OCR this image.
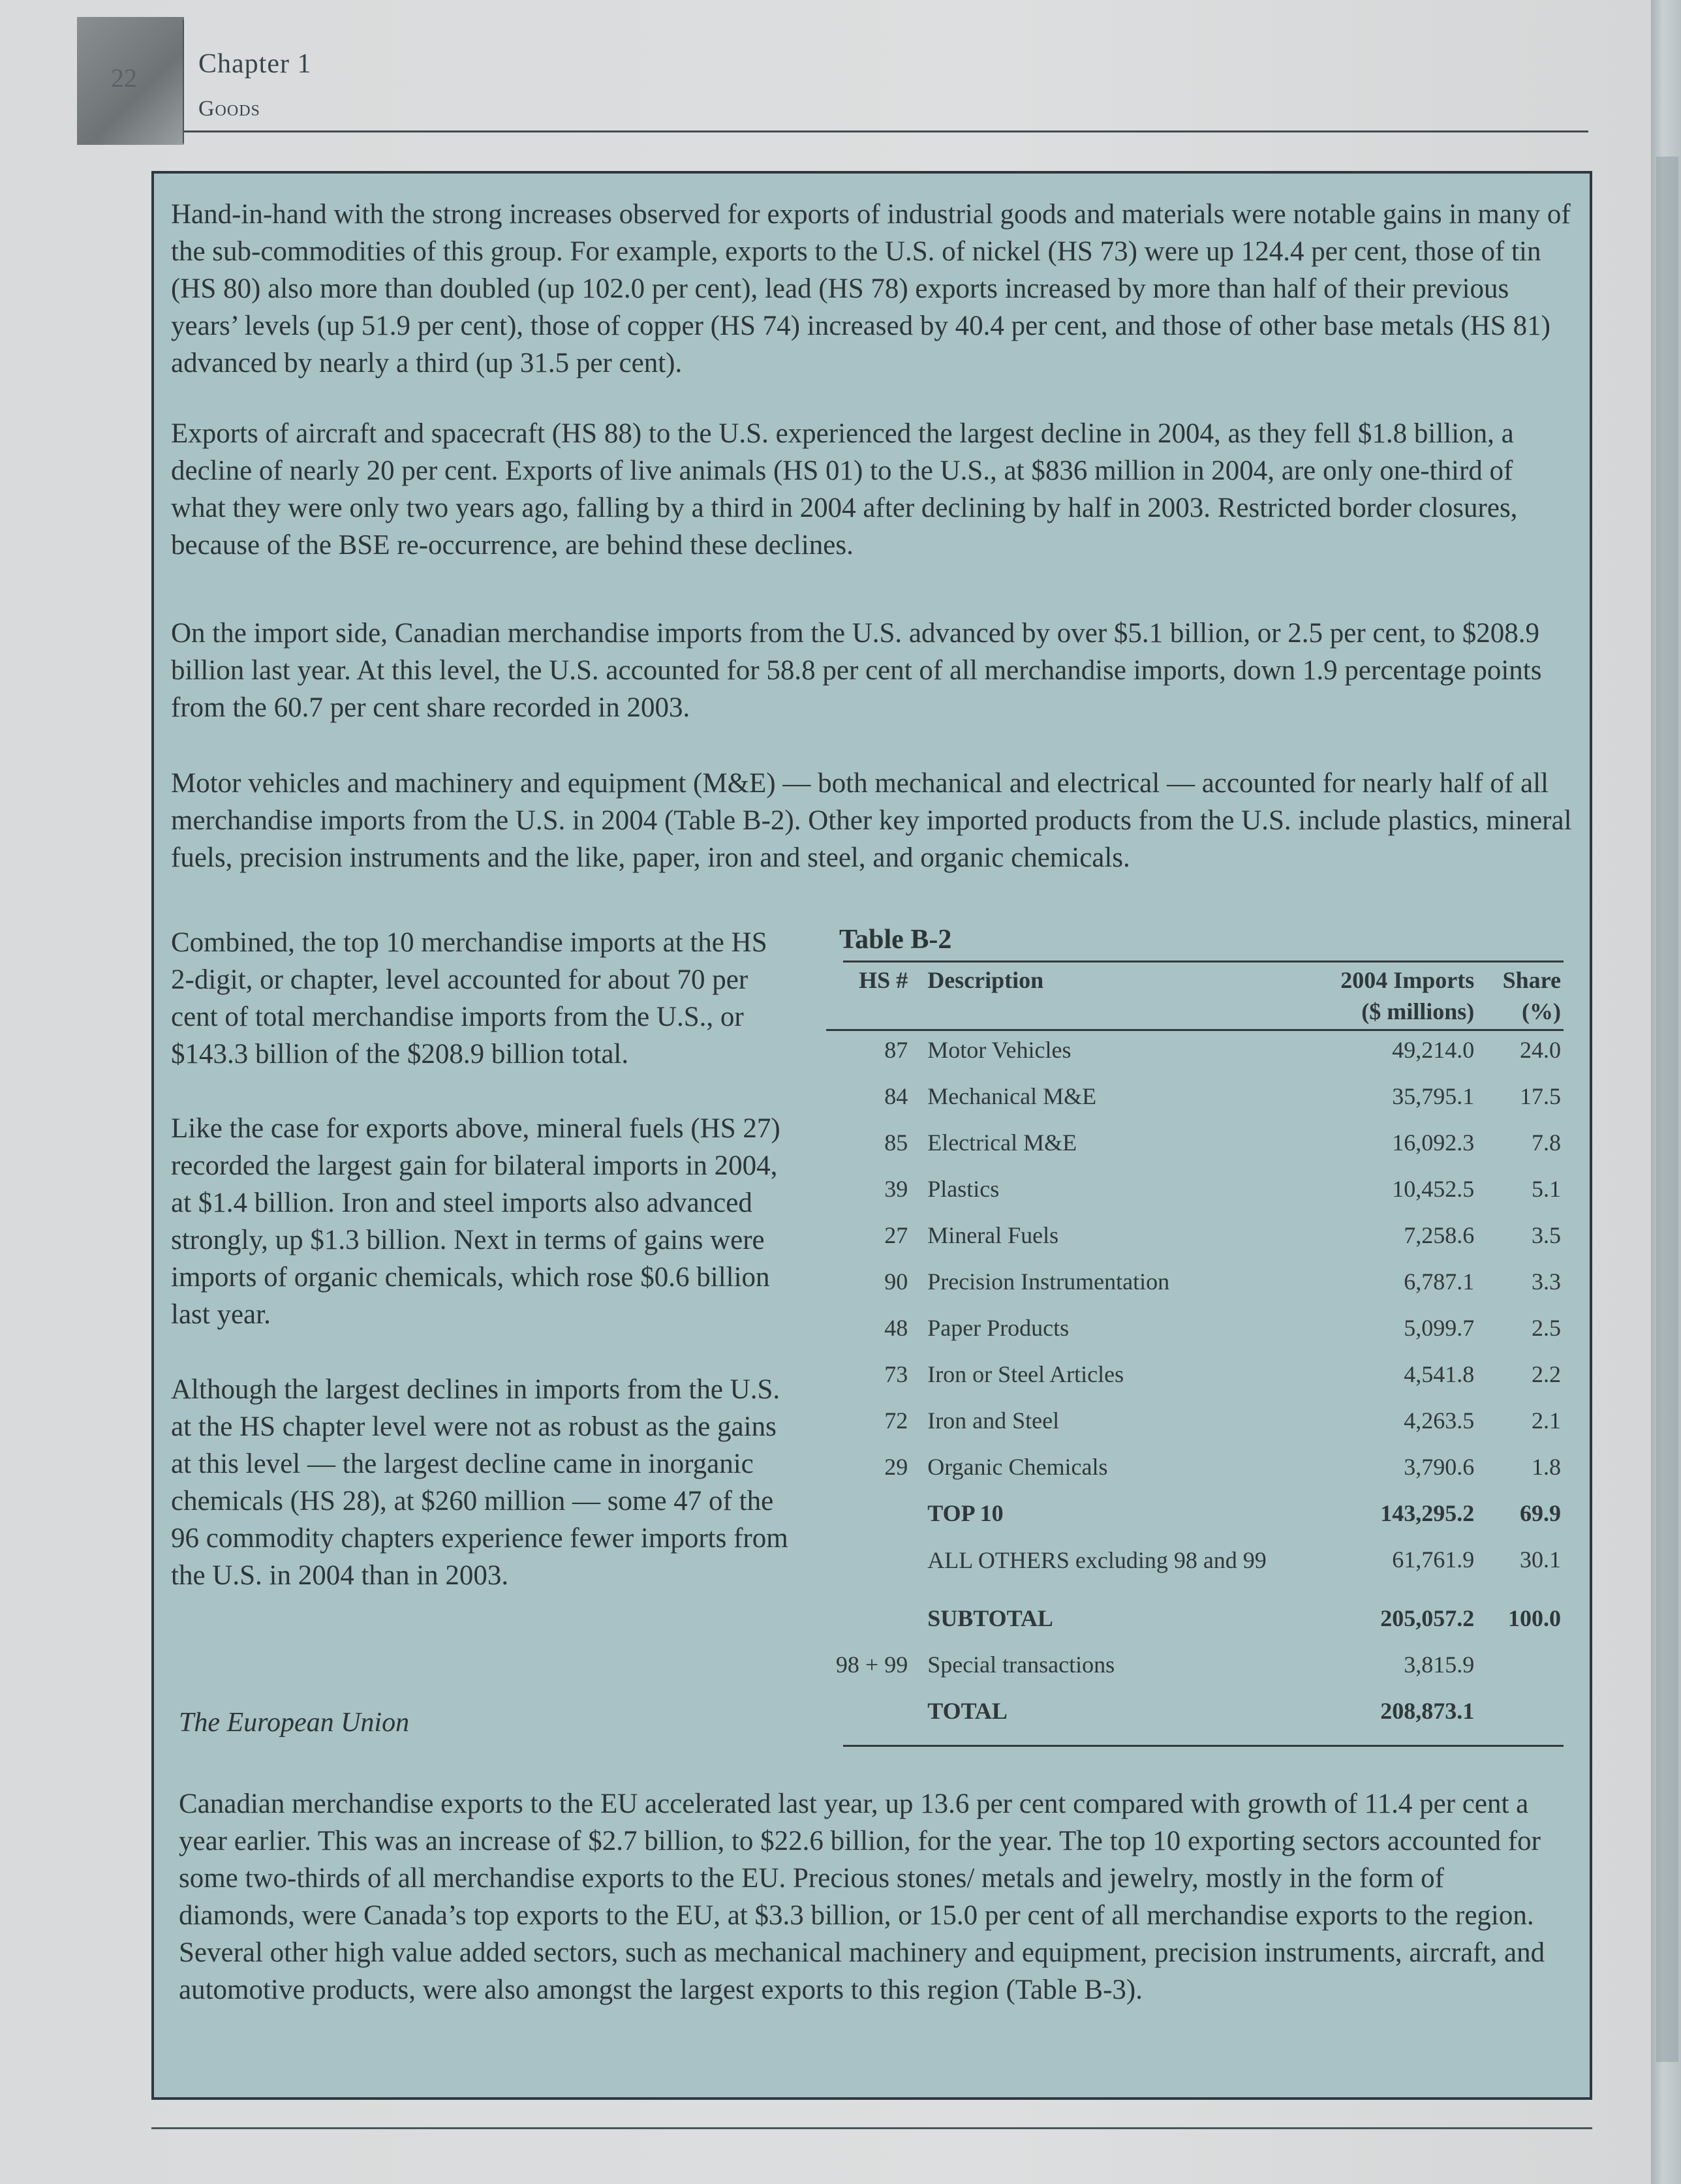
22 Chapter 1
Goods

Hand-in-hand with the strong increases observed for exports of industrial goods and materials were notable gains in many of the sub-commodities of this group. For example, exports to the U.S. of nickel (HS 73) were up 124.4 per cent, those of tin (HS 80) also more than doubled (up 102.0 per cent), lead (HS 78) exports increased by more than half of their previous years’ levels (up 51.9 per cent), those of copper (HS 74) increased by 40.4 per cent, and those of other base metals (HS 81) advanced by nearly a third (up 31.5 per cent).

Exports of aircraft and spacecraft (HS 88) to the U.S. experienced the largest decline in 2004, as they fell $1.8 billion, a decline of nearly 20 per cent. Exports of live animals (HS 01) to the U.S., at $836 million in 2004, are only one-third of what they were only two years ago, falling by a third in 2004 after declining by half in 2003. Restricted border closures, because of the BSE re-occurrence, are behind these declines.

On the import side, Canadian merchandise imports from the U.S. advanced by over $5.1 billion, or 2.5 per cent, to $208.9 billion last year. At this level, the U.S. accounted for 58.8 per cent of all merchandise imports, down 1.9 percentage points from the 60.7 per cent share recorded in 2003.

Motor vehicles and machinery and equipment (M&E) — both mechanical and electrical — accounted for nearly half of all merchandise imports from the U.S. in 2004 (Table B-2). Other key imported products from the U.S. include plastics, mineral fuels, precision instruments and the like, paper, iron and steel, and organic chemicals.

Combined, the top 10 merchandise imports at the HS 2-digit, or chapter, level accounted for about 70 per cent of total merchandise imports from the U.S., or $143.3 billion of the $208.9 billion total.

Like the case for exports above, mineral fuels (HS 27) recorded the largest gain for bilateral imports in 2004, at $1.4 billion. Iron and steel imports also advanced strongly, up $1.3 billion. Next in terms of gains were imports of organic chemicals, which rose $0.6 billion last year.

Although the largest declines in imports from the U.S. at the HS chapter level were not as robust as the gains at this level — the largest decline came in inorganic chemicals (HS 28), at $260 million — some 47 of the 96 commodity chapters experience fewer imports from the U.S. in 2004 than in 2003.

Table B-2
HS #	Description	2004 Imports	Share
		($ millions)	(%)

87	Motor Vehicles	49,214.0	24.0
84	Mechanical M&E	35,795.1	17.5
85	Electrical M&E	16,092.3	7.8
39	Plastics	10,452.5	5.1
27	Mineral Fuels	7,258.6	3.5
90	Precision Instrumentation	6,787.1	3.3
48	Paper Products	5,099.7	2.5
73	Iron or Steel Articles	4,541.8	2.2
72	Iron and Steel	4,263.5	2.1
29	Organic Chemicals	3,790.6	1.8
	TOP 10	143,295.2	69.9
	ALL OTHERS excluding 98 and 99	61,761.9	30.1
	SUBTOTAL	205,057.2	100.0
98 + 99	Special transactions	3,815.9	
	TOTAL	208,873.1	
The European Union

Canadian merchandise exports to the EU accelerated last year, up 13.6 per cent compared with growth of 11.4 per cent a year earlier. This was an increase of $2.7 billion, to $22.6 billion, for the year. The top 10 exporting sectors accounted for some two-thirds of all merchandise exports to the EU. Precious stones/ metals and jewelry, mostly in the form of diamonds, were Canada’s top exports to the EU, at $3.3 billion, or 15.0 per cent of all merchandise exports to the region. Several other high value added sectors, such as mechanical machinery and equipment, precision instruments, aircraft, and automotive products, were also amongst the largest exports to this region (Table B-3).
